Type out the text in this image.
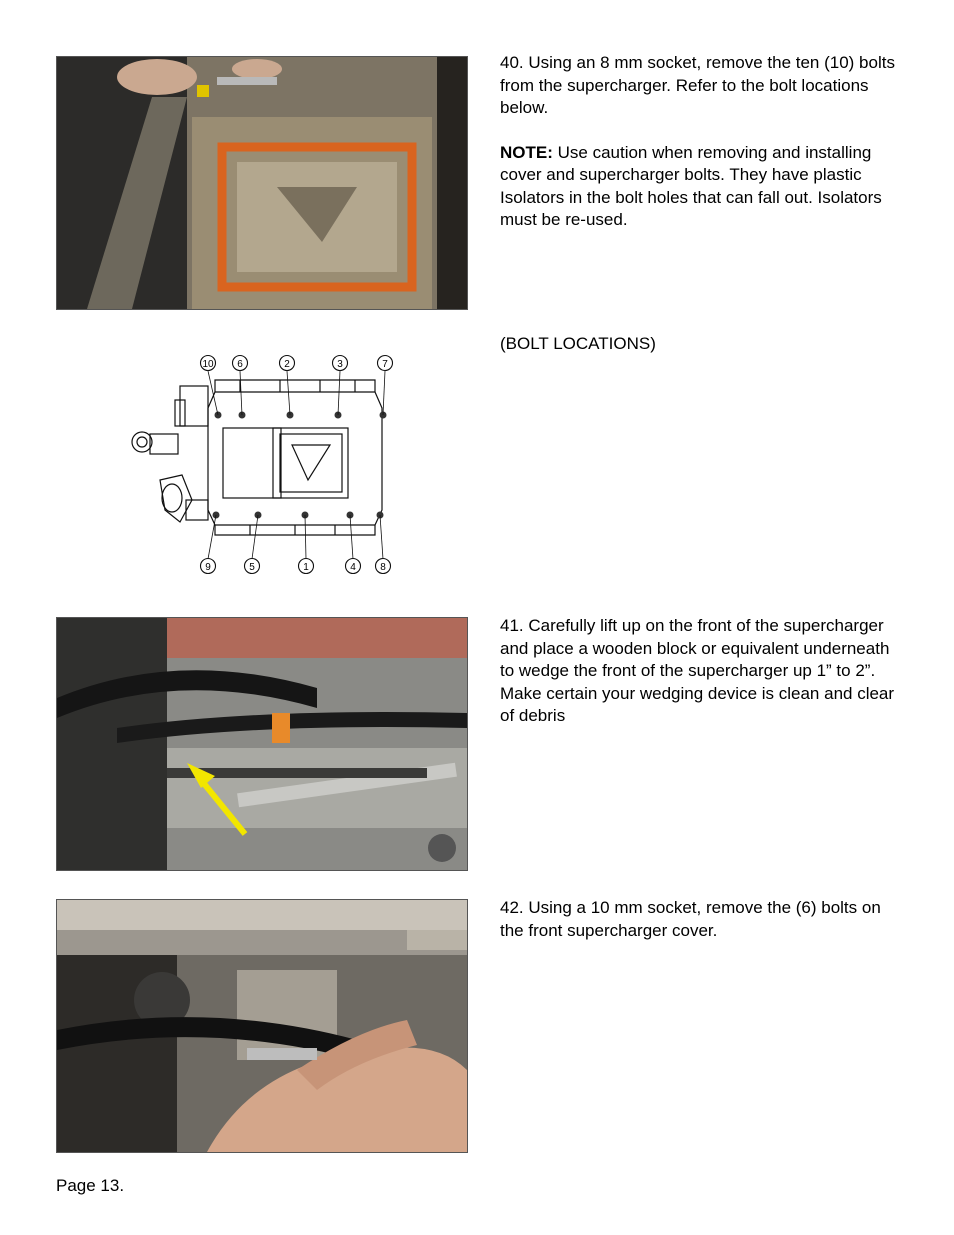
40. Using an 8 mm socket, remove the ten (10) bolts from the supercharger. Refer to the bolt locations below.

NOTE: Use caution when removing and installing cover and supercharger bolts. They have plastic Isolators in the bolt holes that can fall out. Isolators must be re-used.

10 6	2	3	7
9	5	1	4 8
(BOLT LOCATIONS)
41. Carefully lift up on the front of the supercharger and place a wooden block or equivalent underneath to wedge the front of the supercharger up 1” to 2”. Make certain your wedging device is clean and clear of debris
42. Using a 10 mm socket, remove the (6) bolts on the front supercharger cover.
Page 13.
